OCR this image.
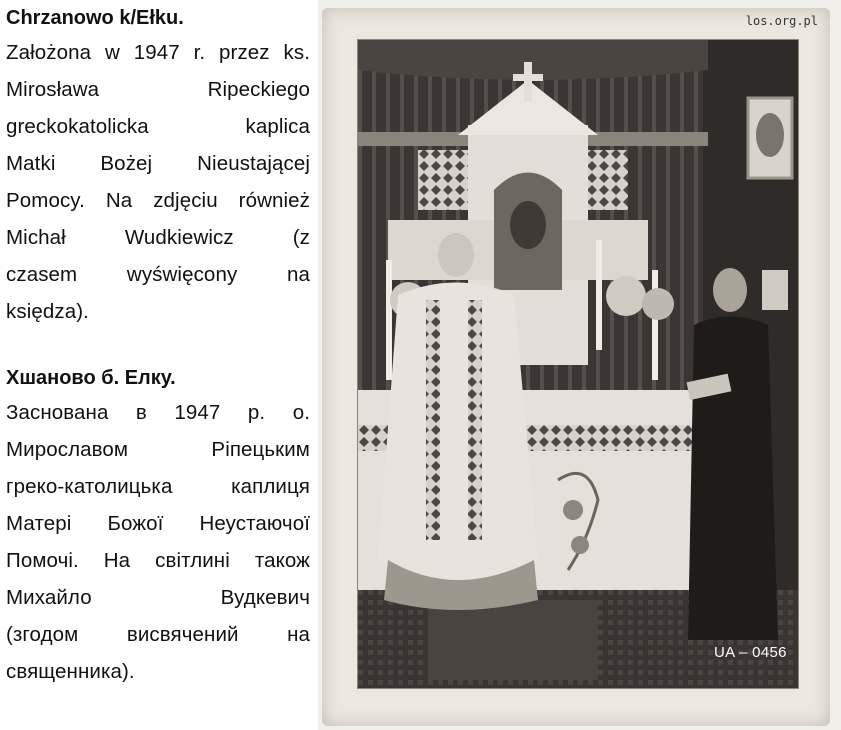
Chrzanowo k/Ełku.
Założona w 1947 r. przez ks.
Mirosława Ripeckiego
greckokatolicka kaplica
Matki Bożej Nieustającej
Pomocy. Na zdjęciu również
Michał Wudkiewicz (z
czasem wyświęcony na
księdza).
Хшаново б. Елку.
Заснована в 1947 р. о.
Мирославом Ріпецьким
греко-католицька каплиця
Матері Божої Неустаючої
Помочі. На світлині також
Михайло Вудкевич
(згодом висвячений на
священника).
los.org.pl
UA – 0456
